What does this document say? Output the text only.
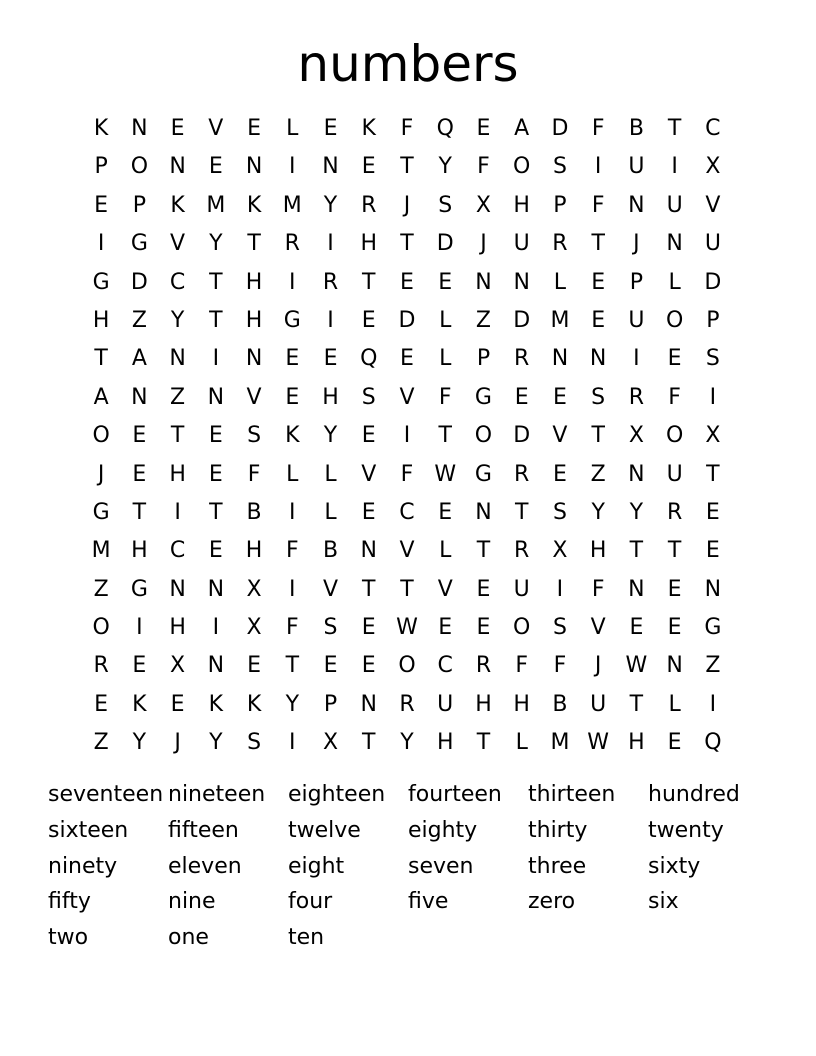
numbers
K	N	E	V	E	L	E	K	F	Q	E	A	D	F	B	T	C
P	O N	E	N	I	N	E	T	Y	F	O	S	I	U	I	X
E	P	K M K M	Y	R	J	S	X	H	P	F	N U	V
I	G	V	Y	T	R	I	H	T	D	J	U	R	T	J	N U
G D	C	T	H	I	R	T	E	E	N N	L	E	P	L	D
H	Z	Y	T	H G	I	E	D	L	Z	D M E	U O	P
T	A	N	I	N	E	E	Q	E	L	P	R	N N	I	E	S
A	N	Z	N	V	E	H	S	V	F	G	E	E	S	R	F	I
O	E	T	E	S	K	Y	E	I	T	O D	V	T	X	O	X
J	E	H	E	F	L	L	V	F W G	R	E	Z	N U	T
G	T	I	T	B	I	L	E	C	E	N	T	S	Y	Y	R	E
M H	C	E	H	F	B	N	V	L	T	R	X	H	T	T	E
Z	G N N	X	I	V	T	T	V	E	U	I	F	N	E	N
O	I	H	I	X	F	S	E W E	E	O	S	V	E	E	G
R	E	X	N	E	T	E	E	O C	R	F	F	J	W N	Z
E	K	E	K	K	Y	P	N	R	U H H	B	U	T	L	I
Z	Y	J	Y	S	I	X	T	Y	H	T	L	M W H	E	Q
seventeen nineteen	eighteen	fourteen	thirteen	hundred
sixteen	fifteen	twelve	eighty	thirty	twenty
ninety	eleven	eight	seven	three	sixty
fifty	nine	four	five	zero	six
two	one	ten
